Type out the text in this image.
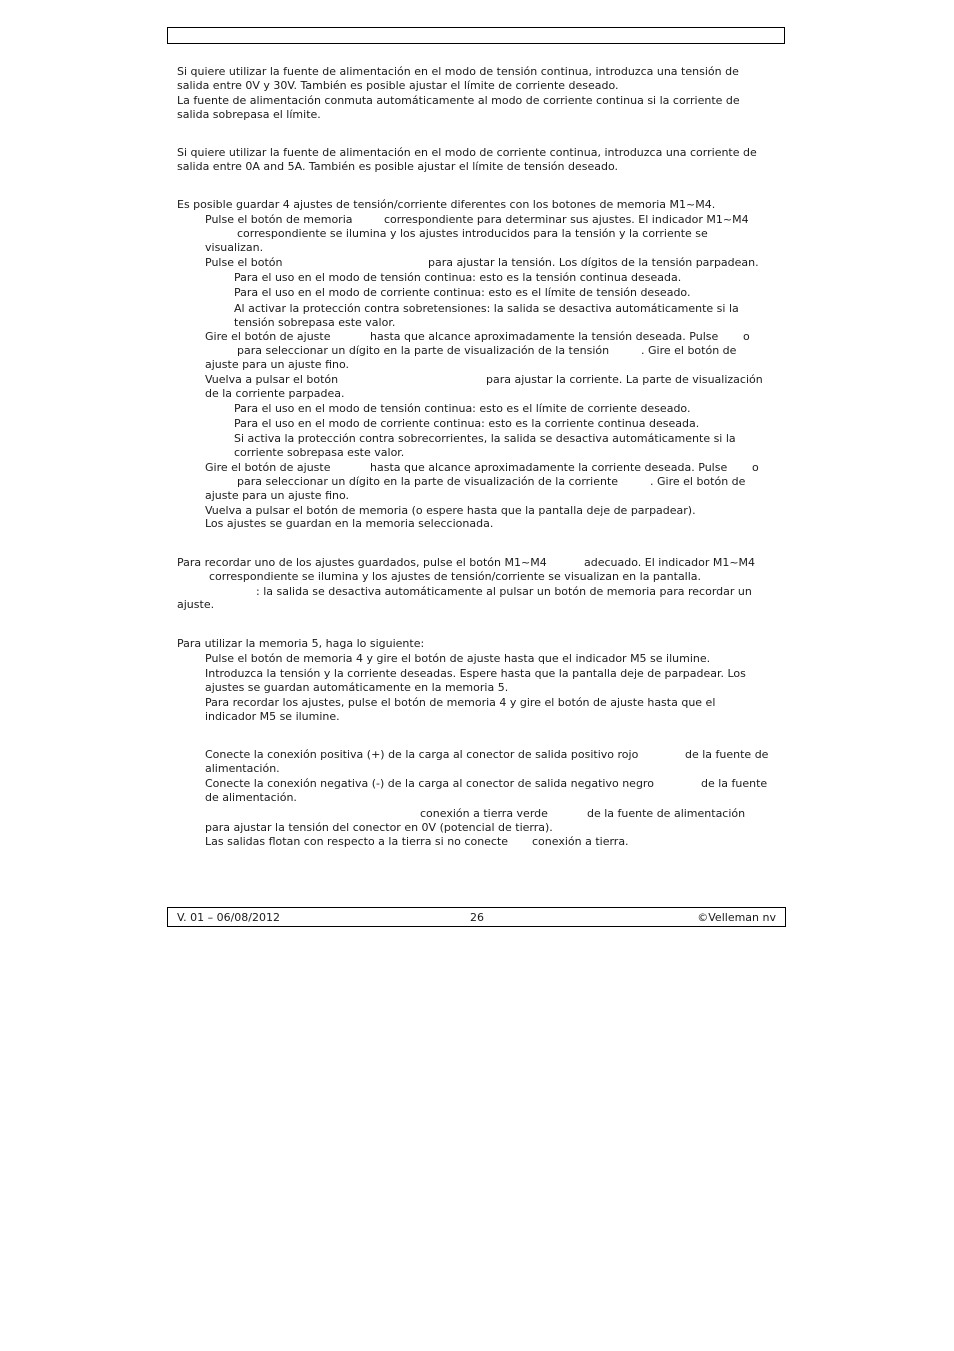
Si quiere utilizar la fuente de alimentación en el modo de tensión continua, introduzca una tensión de

salida entre 0V y 30V. También es posible ajustar el límite de corriente deseado.

La fuente de alimentación conmuta automáticamente al modo de corriente continua si la corriente de

salida sobrepasa el límite.

Si quiere utilizar la fuente de alimentación en el modo de corriente continua, introduzca una corriente de

salida entre 0A and 5A. También es posible ajustar el límite de tensión deseado.

Es posible guardar 4 ajustes de tensión/corriente diferentes con los botones de memoria M1~M4.

Pulse el botón de memoria	correspondiente para determinar sus ajustes. El indicador M1~M4

correspondiente se ilumina y los ajustes introducidos para la tensión y la corriente se

visualizan.

Pulse el botón	para ajustar la tensión. Los dígitos de la tensión parpadean.

Para el uso en el modo de tensión continua: esto es la tensión continua deseada.

Para el uso en el modo de corriente continua: esto es el límite de tensión deseado.

Al activar la protección contra sobretensiones: la salida se desactiva automáticamente si la

tensión sobrepasa este valor.

Gire el botón de ajuste	hasta que alcance aproximadamente la tensión deseada. Pulse o

para seleccionar un dígito en la parte de visualización de la tensión	. Gire el botón de

ajuste para un ajuste fino.

Vuelva a pulsar el botón	para ajustar la corriente. La parte de visualización

de la corriente parpadea.

Para el uso en el modo de tensión continua: esto es el límite de corriente deseado.

Para el uso en el modo de corriente continua: esto es la corriente continua deseada.

Si activa la protección contra sobrecorrientes, la salida se desactiva automáticamente si la

corriente sobrepasa este valor.

Gire el botón de ajuste	hasta que alcance aproximadamente la corriente deseada. Pulse o

para seleccionar un dígito en la parte de visualización de la corriente	. Gire el botón de

ajuste para un ajuste fino.

Vuelva a pulsar el botón de memoria (o espere hasta que la pantalla deje de parpadear).

Los ajustes se guardan en la memoria seleccionada.

Para recordar uno de los ajustes guardados, pulse el botón M1~M4	adecuado. El indicador M1~M4

correspondiente se ilumina y los ajustes de tensión/corriente se visualizan en la pantalla.

: la salida se desactiva automáticamente al pulsar un botón de memoria para recordar un

ajuste.

Para utilizar la memoria 5, haga lo siguiente:

Pulse el botón de memoria 4 y gire el botón de ajuste hasta que el indicador M5 se ilumine.

Introduzca la tensión y la corriente deseadas. Espere hasta que la pantalla deje de parpadear. Los

ajustes se guardan automáticamente en la memoria 5.

Para recordar los ajustes, pulse el botón de memoria 4 y gire el botón de ajuste hasta que el

indicador M5 se ilumine.

Conecte la conexión positiva (+) de la carga al conector de salida positivo rojo	de la fuente de

alimentación.

Conecte la conexión negativa (-) de la carga al conector de salida negativo negro	de la fuente

de alimentación.

conexión a tierra verde	de la fuente de alimentación

para ajustar la tensión del conector en 0V (potencial de tierra).

Las salidas flotan con respecto a la tierra si no conecte conexión a tierra.

V. 01 – 06/08/2012	26	©Velleman nv
